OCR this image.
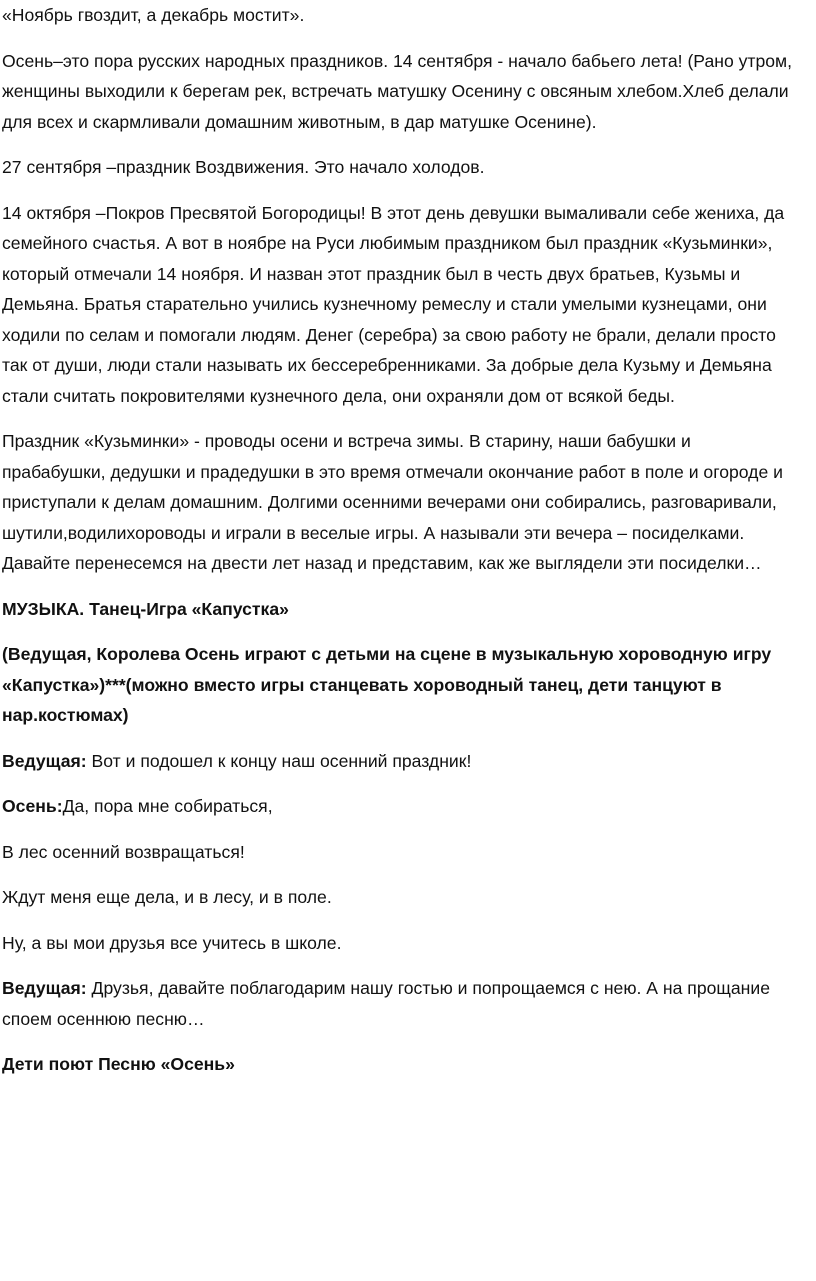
«Ноябрь гвоздит, а декабрь мостит».

Осень–это пора русских народных праздников. 14 сентября - начало бабьего лета! (Рано утром, женщины выходили к берегам рек, встречать матушку Осенину с овсяным хлебом.Хлеб делали для всех и скармливали домашним животным, в дар матушке Осенине).

27 сентября –праздник Воздвижения. Это начало холодов.

14 октября –Покров Пресвятой Богородицы! В этот день девушки вымаливали себе жениха, да семейного счастья. А вот в ноябре на Руси любимым праздником был праздник «Кузьминки», который отмечали 14 ноября. И назван этот праздник был в честь двух братьев, Кузьмы и Демьяна. Братья старательно учились кузнечному ремеслу и стали умелыми кузнецами, они ходили по селам и помогали людям. Денег (серебра) за свою работу не брали, делали просто так от души, люди стали называть их бессеребренниками. За добрые дела Кузьму и Демьяна стали считать покровителями кузнечного дела, они охраняли дом от всякой беды.

Праздник «Кузьминки» - проводы осени и встреча зимы. В старину, наши бабушки и прабабушки, дедушки и прадедушки в это время отмечали окончание работ в поле и огороде и приступали к делам домашним. Долгими осенними вечерами они собирались, разговаривали, шутили,водилихороводы и играли в веселые игры. А называли эти вечера – посиделками. Давайте перенесемся на двести лет назад и представим, как же выглядели эти посиделки…

МУЗЫКА. Танец-Игра «Капустка»

(Ведущая, Королева Осень играют с детьми на сцене в музыкальную хороводную игру «Капустка»)***(можно вместо игры станцевать хороводный танец, дети танцуют в нар.костюмах)

Ведущая: Вот и подошел к концу наш осенний праздник!

Осень:Да, пора мне собираться,

В лес осенний возвращаться!

Ждут меня еще дела, и в лесу, и в поле.

Ну, а вы мои друзья все учитесь в школе.

Ведущая: Друзья, давайте поблагодарим нашу гостью и попрощаемся с нею. А на прощание споем осеннюю песню…

Дети поют Песню «Осень»
